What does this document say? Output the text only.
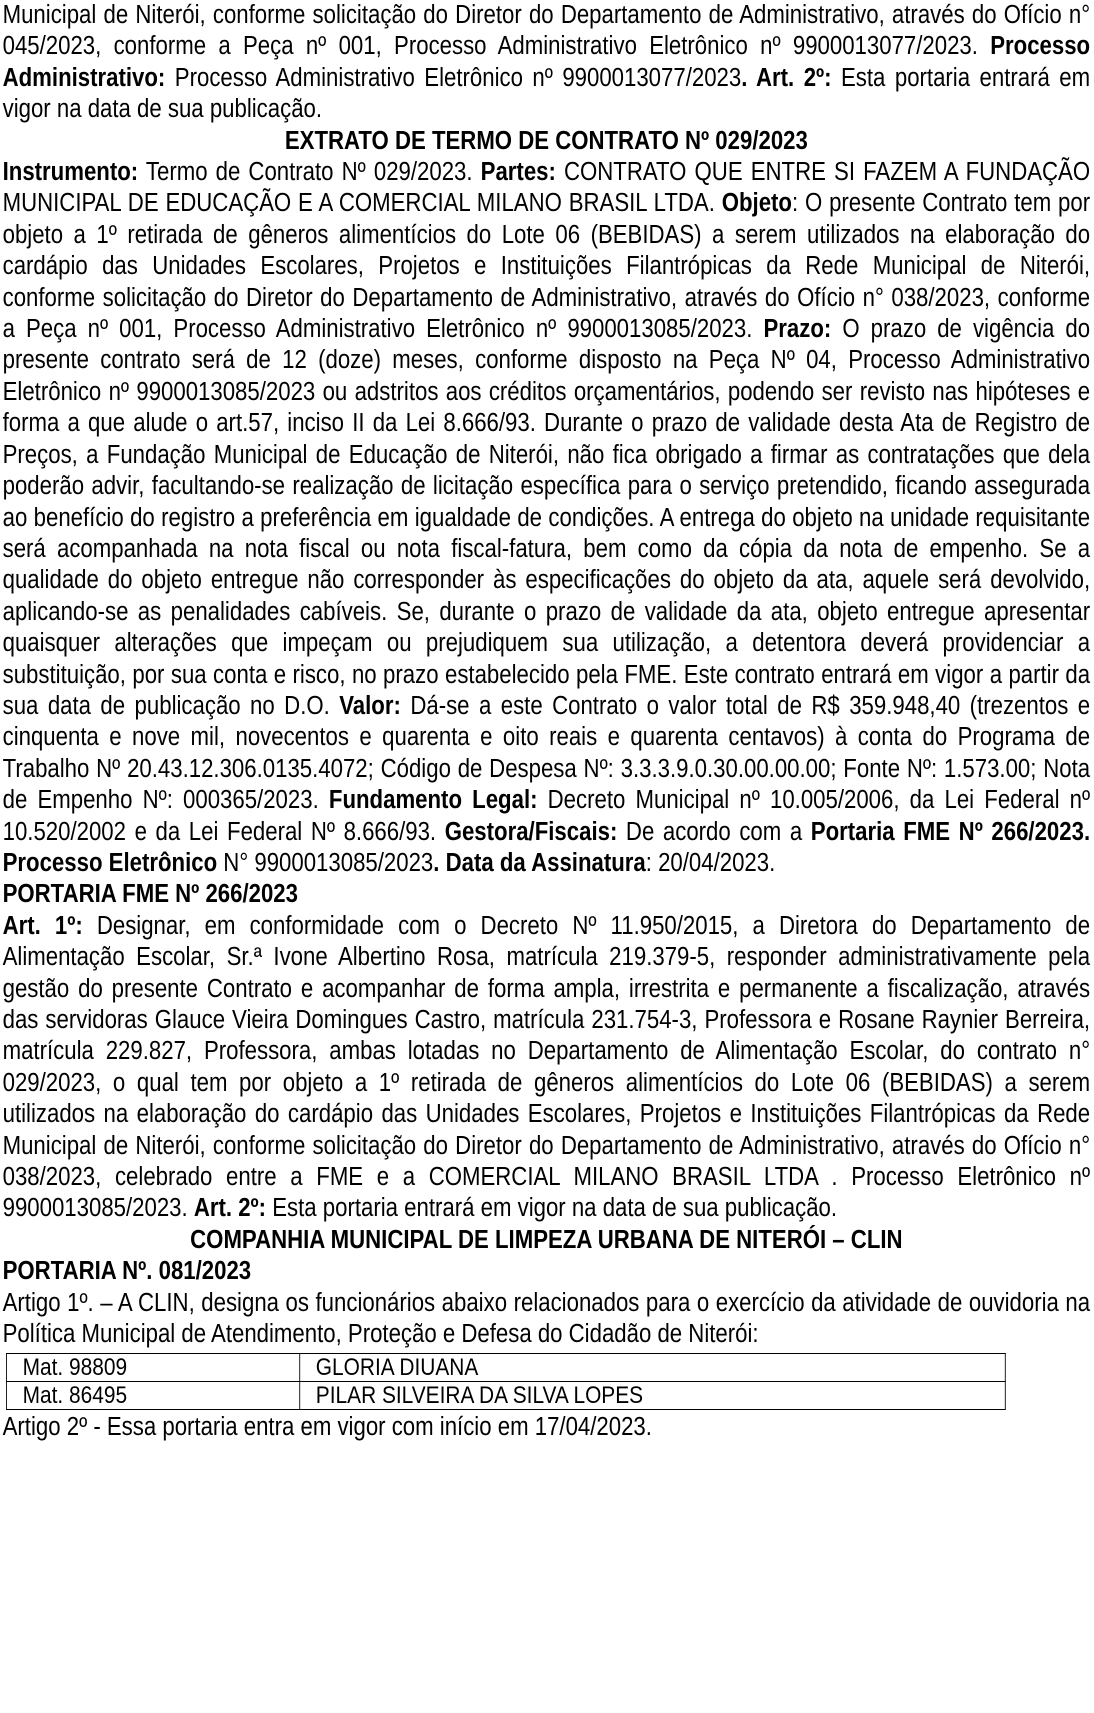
Municipal de Niterói, conforme solicitação do Diretor do Departamento de Administrativo, através do Ofício n° 045/2023, conforme a Peça nº 001, Processo Administrativo Eletrônico nº 9900013077/2023. Processo Administrativo: Processo Administrativo Eletrônico nº 9900013077/2023. Art. 2º: Esta portaria entrará em vigor na data de sua publicação.

EXTRATO DE TERMO DE CONTRATO Nº 029/2023

Instrumento: Termo de Contrato Nº 029/2023. Partes: CONTRATO QUE ENTRE SI FAZEM A FUNDAÇÃO MUNICIPAL DE EDUCAÇÃO E A COMERCIAL MILANO BRASIL LTDA. Objeto: O presente Contrato tem por objeto a 1º retirada de gêneros alimentícios do Lote 06 (BEBIDAS) a serem utilizados na elaboração do cardápio das Unidades Escolares, Projetos e Instituições Filantrópicas da Rede Municipal de Niterói, conforme solicitação do Diretor do Departamento de Administrativo, através do Ofício n° 038/2023, conforme a Peça nº 001, Processo Administrativo Eletrônico nº 9900013085/2023. Prazo: O prazo de vigência do presente contrato será de 12 (doze) meses, conforme disposto na Peça Nº 04, Processo Administrativo Eletrônico nº 9900013085/2023 ou adstritos aos créditos orçamentários, podendo ser revisto nas hipóteses e forma a que alude o art.57, inciso II da Lei 8.666/93. Durante o prazo de validade desta Ata de Registro de Preços, a Fundação Municipal de Educação de Niterói, não fica obrigado a firmar as contratações que dela poderão advir, facultando-se realização de licitação específica para o serviço pretendido, ficando assegurada ao benefício do registro a preferência em igualdade de condições. A entrega do objeto na unidade requisitante será acompanhada na nota fiscal ou nota fiscal-fatura, bem como da cópia da nota de empenho. Se a qualidade do objeto entregue não corresponder às especificações do objeto da ata, aquele será devolvido, aplicando-se as penalidades cabíveis. Se, durante o prazo de validade da ata, objeto entregue apresentar quaisquer alterações que impeçam ou prejudiquem sua utilização, a detentora deverá providenciar a substituição, por sua conta e risco, no prazo estabelecido pela FME. Este contrato entrará em vigor a partir da sua data de publicação no D.O. Valor: Dá-se a este Contrato o valor total de R$ 359.948,40 (trezentos e cinquenta e nove mil, novecentos e quarenta e oito reais e quarenta centavos) à conta do Programa de Trabalho Nº 20.43.12.306.0135.4072; Código de Despesa Nº: 3.3.3.9.0.30.00.00.00; Fonte Nº: 1.573.00; Nota de Empenho Nº: 000365/2023. Fundamento Legal: Decreto Municipal nº 10.005/2006, da Lei Federal nº 10.520/2002 e da Lei Federal Nº 8.666/93. Gestora/Fiscais: De acordo com a Portaria FME Nº 266/2023. Processo Eletrônico N° 9900013085/2023. Data da Assinatura: 20/04/2023.

PORTARIA FME Nº 266/2023

Art. 1º: Designar, em conformidade com o Decreto Nº 11.950/2015, a Diretora do Departamento de Alimentação Escolar, Sr.ª Ivone Albertino Rosa, matrícula 219.379-5, responder administrativamente pela gestão do presente Contrato e acompanhar de forma ampla, irrestrita e permanente a fiscalização, através das servidoras Glauce Vieira Domingues Castro, matrícula 231.754-3, Professora e Rosane Raynier Berreira, matrícula 229.827, Professora, ambas lotadas no Departamento de Alimentação Escolar, do contrato n° 029/2023, o qual tem por objeto a 1º retirada de gêneros alimentícios do Lote 06 (BEBIDAS) a serem utilizados na elaboração do cardápio das Unidades Escolares, Projetos e Instituições Filantrópicas da Rede Municipal de Niterói, conforme solicitação do Diretor do Departamento de Administrativo, através do Ofício n° 038/2023, celebrado entre a FME e a COMERCIAL MILANO BRASIL LTDA . Processo Eletrônico nº 9900013085/2023. Art. 2º: Esta portaria entrará em vigor na data de sua publicação.

COMPANHIA MUNICIPAL DE LIMPEZA URBANA DE NITERÓI – CLIN

PORTARIA Nº. 081/2023

Artigo 1º. – A CLIN, designa os funcionários abaixo relacionados para o exercício da atividade de ouvidoria na Política Municipal de Atendimento, Proteção e Defesa do Cidadão de Niterói:

Mat. 98809	GLORIA DIUANA
Mat. 86495	PILAR SILVEIRA DA SILVA LOPES

Artigo 2º - Essa portaria entra em vigor com início em 17/04/2023.
